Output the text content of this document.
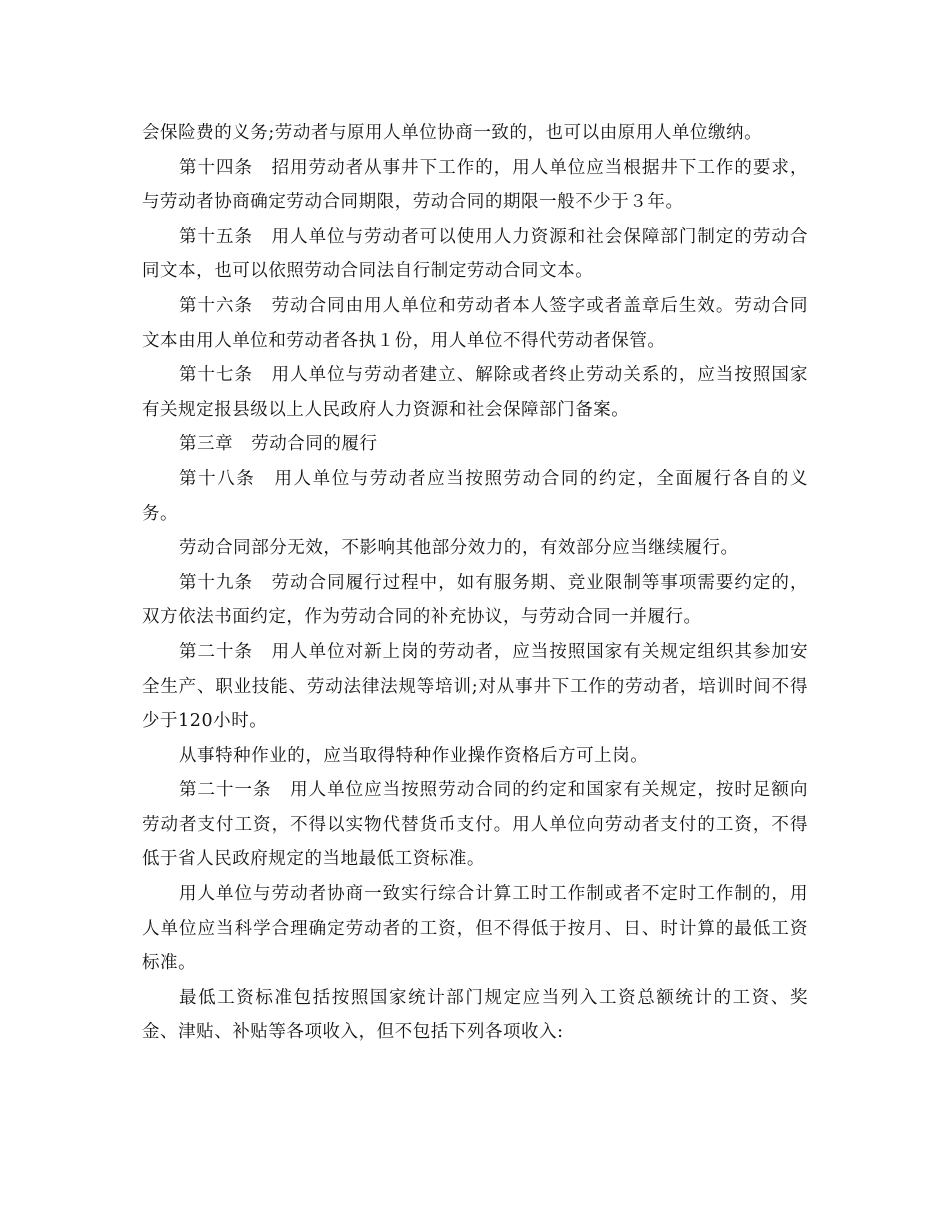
会保险费的义务;劳动者与原用人单位协商一致的，也可以由原用人单位缴纳。

第十四条　招用劳动者从事井下工作的，用人单位应当根据井下工作的要求，与劳动者协商确定劳动合同期限，劳动合同的期限一般不少于３年。

第十五条　用人单位与劳动者可以使用人力资源和社会保障部门制定的劳动合同文本，也可以依照劳动合同法自行制定劳动合同文本。

第十六条　劳动合同由用人单位和劳动者本人签字或者盖章后生效。劳动合同文本由用人单位和劳动者各执１份，用人单位不得代劳动者保管。

第十七条　用人单位与劳动者建立、解除或者终止劳动关系的，应当按照国家有关规定报县级以上人民政府人力资源和社会保障部门备案。

第三章　劳动合同的履行

第十八条　用人单位与劳动者应当按照劳动合同的约定，全面履行各自的义务。

劳动合同部分无效，不影响其他部分效力的，有效部分应当继续履行。

第十九条　劳动合同履行过程中，如有服务期、竞业限制等事项需要约定的，双方依法书面约定，作为劳动合同的补充协议，与劳动合同一并履行。

第二十条　用人单位对新上岗的劳动者，应当按照国家有关规定组织其参加安全生产、职业技能、劳动法律法规等培训;对从事井下工作的劳动者，培训时间不得少于120小时。

从事特种作业的，应当取得特种作业操作资格后方可上岗。

第二十一条　用人单位应当按照劳动合同的约定和国家有关规定，按时足额向劳动者支付工资，不得以实物代替货币支付。用人单位向劳动者支付的工资，不得低于省人民政府规定的当地最低工资标准。

用人单位与劳动者协商一致实行综合计算工时工作制或者不定时工作制的，用人单位应当科学合理确定劳动者的工资，但不得低于按月、日、时计算的最低工资标准。

最低工资标准包括按照国家统计部门规定应当列入工资总额统计的工资、奖金、津贴、补贴等各项收入，但不包括下列各项收入:
